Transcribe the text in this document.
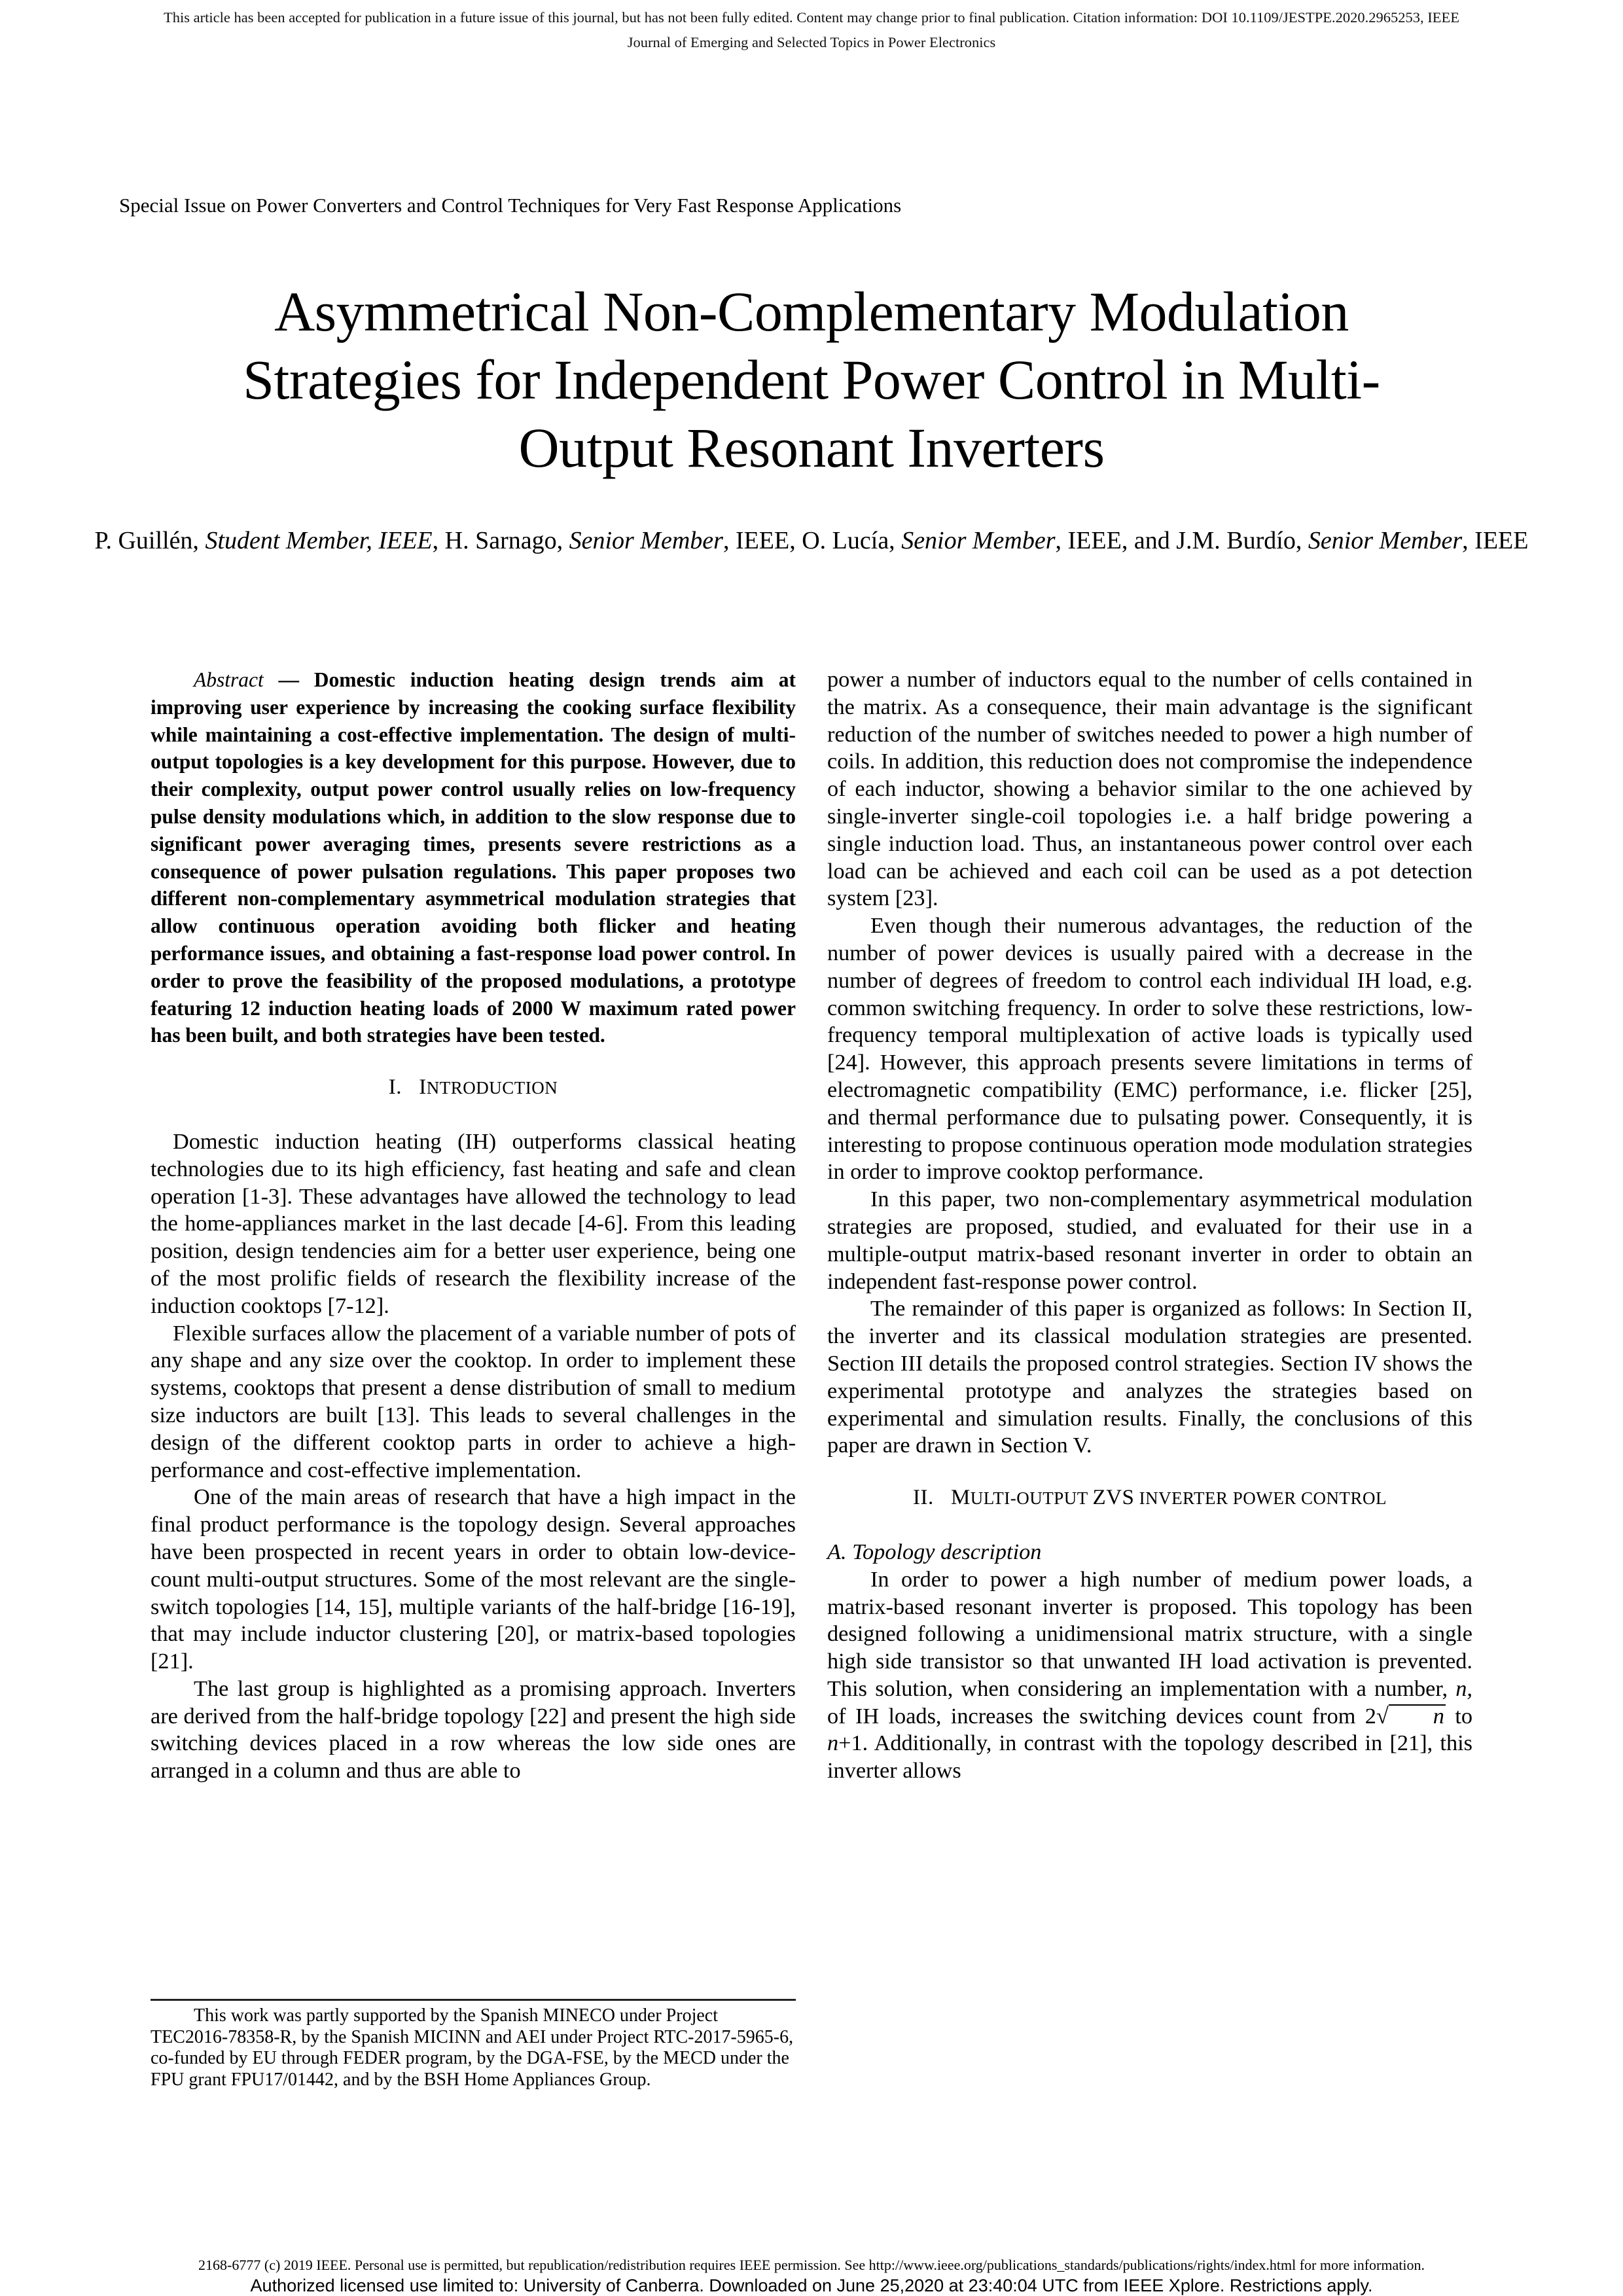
This article has been accepted for publication in a future issue of this journal, but has not been fully edited. Content may change prior to final publication. Citation information: DOI 10.1109/JESTPE.2020.2965253, IEEE
Journal of Emerging and Selected Topics in Power Electronics
Special Issue on Power Converters and Control Techniques for Very Fast Response Applications
Asymmetrical Non-Complementary Modulation
Strategies for Independent Power Control in Multi-
Output Resonant Inverters
P. Guillén, Student Member, IEEE, H. Sarnago, Senior Member, IEEE, O. Lucía, Senior Member, IEEE, and J.M. Burdío, Senior Member, IEEE

Abstract — Domestic induction heating design trends aim at improving user experience by increasing the cooking surface flexibility while maintaining a cost-effective implementation. The design of multi-output topologies is a key development for this purpose. However, due to their complexity, output power control usually relies on low-frequency pulse density modulations which, in addition to the slow response due to significant power averaging times, presents severe restrictions as a consequence of power pulsation regulations. This paper proposes two different non-complementary asymmetrical modulation strategies that allow continuous operation avoiding both flicker and heating performance issues, and obtaining a fast-response load power control. In order to prove the feasibility of the proposed modulations, a prototype featuring 12 induction heating loads of 2000 W maximum rated power has been built, and both strategies have been tested.

I. INTRODUCTION

Domestic induction heating (IH) outperforms classical heating technologies due to its high efficiency, fast heating and safe and clean operation [1-3]. These advantages have allowed the technology to lead the home-appliances market in the last decade [4-6]. From this leading position, design tendencies aim for a better user experience, being one of the most prolific fields of research the flexibility increase of the induction cooktops [7-12].

Flexible surfaces allow the placement of a variable number of pots of any shape and any size over the cooktop. In order to implement these systems, cooktops that present a dense distribution of small to medium size inductors are built [13]. This leads to several challenges in the design of the different cooktop parts in order to achieve a high-performance and cost-effective implementation.

One of the main areas of research that have a high impact in the final product performance is the topology design. Several approaches have been prospected in recent years in order to obtain low-device-count multi-output structures. Some of the most relevant are the single-switch topologies [14, 15], multiple variants of the half-bridge [16-19], that may include inductor clustering [20], or matrix-based topologies [21].

The last group is highlighted as a promising approach. Inverters are derived from the half-bridge topology [22] and present the high side switching devices placed in a row whereas the low side ones are arranged in a column and thus are able to

This work was partly supported by the Spanish MINECO under Project TEC2016-78358-R, by the Spanish MICINN and AEI under Project RTC-2017-5965-6, co-funded by EU through FEDER program, by the DGA-FSE, by the MECD under the FPU grant FPU17/01442, and by the BSH Home Appliances Group.

power a number of inductors equal to the number of cells contained in the matrix. As a consequence, their main advantage is the significant reduction of the number of switches needed to power a high number of coils. In addition, this reduction does not compromise the independence of each inductor, showing a behavior similar to the one achieved by single-inverter single-coil topologies i.e. a half bridge powering a single induction load. Thus, an instantaneous power control over each load can be achieved and each coil can be used as a pot detection system [23].

Even though their numerous advantages, the reduction of the number of power devices is usually paired with a decrease in the number of degrees of freedom to control each individual IH load, e.g. common switching frequency. In order to solve these restrictions, low-frequency temporal multiplexation of active loads is typically used [24]. However, this approach presents severe limitations in terms of electromagnetic compatibility (EMC) performance, i.e. flicker [25], and thermal performance due to pulsating power. Consequently, it is interesting to propose continuous operation mode modulation strategies in order to improve cooktop performance.

In this paper, two non-complementary asymmetrical modulation strategies are proposed, studied, and evaluated for their use in a multiple-output matrix-based resonant inverter in order to obtain an independent fast-response power control.

The remainder of this paper is organized as follows: In Section II, the inverter and its classical modulation strategies are presented. Section III details the proposed control strategies. Section IV shows the experimental prototype and analyzes the strategies based on experimental and simulation results. Finally, the conclusions of this paper are drawn in Section V.

II. MULTI-OUTPUT ZVS INVERTER POWER CONTROL

A. Topology description

In order to power a high number of medium power loads, a matrix-based resonant inverter is proposed. This topology has been designed following a unidimensional matrix structure, with a single high side transistor so that unwanted IH load activation is prevented. This solution, when considering an implementation with a number, n, of IH loads, increases the switching devices count from 2√ n to n+1. Additionally, in contrast with the topology described in [21], this inverter allows

2168-6777 (c) 2019 IEEE. Personal use is permitted, but republication/redistribution requires IEEE permission. See http://www.ieee.org/publications_standards/publications/rights/index.html for more information.
Authorized licensed use limited to: University of Canberra. Downloaded on June 25,2020 at 23:40:04 UTC from IEEE Xplore. Restrictions apply.
